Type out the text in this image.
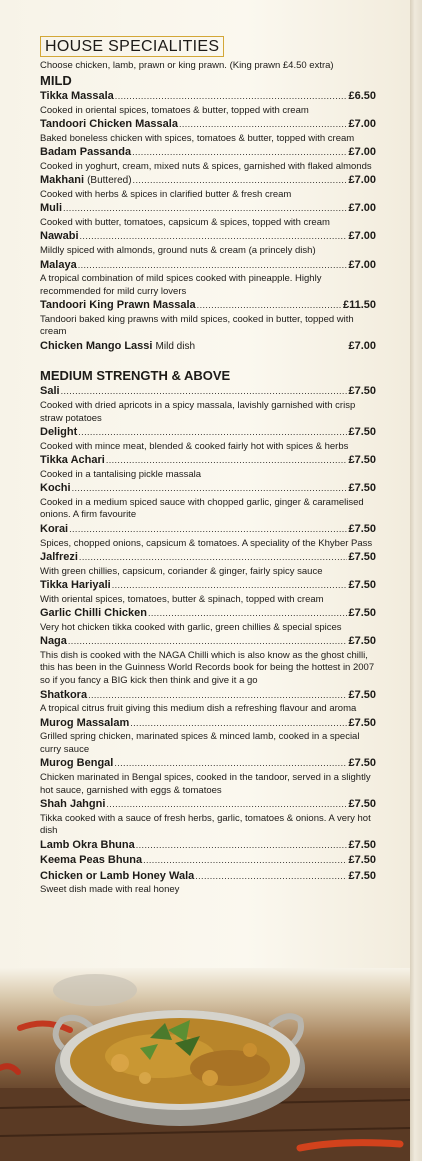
HOUSE SPECIALITIES
Choose chicken, lamb, prawn or king prawn. (King prawn £4.50 extra)
MILD
Tikka Massala .....	£6.50
Cooked in oriental spices, tomatoes & butter, topped with cream
Tandoori Chicken Massala .....	£7.00
Baked boneless chicken with spices, tomatoes & butter, topped with cream
Badam Passanda .....	£7.00
Cooked in yoghurt, cream, mixed nuts & spices, garnished with flaked almonds
Makhani (Buttered) .....	£7.00
Cooked with herbs & spices in clarified butter & fresh cream
Muli .....	£7.00
Cooked with butter, tomatoes, capsicum & spices, topped with cream
Nawabi .....	£7.00
Mildly spiced with almonds, ground nuts & cream (a princely dish)
Malaya .....	£7.00
A tropical combination of mild spices cooked with pineapple. Highly recommended for mild curry lovers
Tandoori King Prawn Massala .....	£11.50
Tandoori baked king prawns with mild spices, cooked in butter, topped with cream
Chicken Mango Lassi Mild dish	£7.00
MEDIUM STRENGTH & ABOVE
Sali .....	£7.50
Cooked with dried apricots in a spicy massala, lavishly garnished with crisp straw potatoes
Delight .....	£7.50
Cooked with mince meat, blended & cooked fairly hot with spices & herbs
Tikka Achari .....	£7.50
Cooked in a tantalising pickle massala
Kochi .....	£7.50
Cooked in a medium spiced sauce with chopped garlic, ginger & caramelised onions. A firm favourite
Korai .....	£7.50
Spices, chopped onions, capsicum & tomatoes. A speciality of the Khyber Pass
Jalfrezi .....	£7.50
With green chillies, capsicum, coriander & ginger, fairly spicy sauce
Tikka Hariyali .....	£7.50
With oriental spices, tomatoes, butter & spinach, topped with cream
Garlic Chilli Chicken .....	£7.50
Very hot chicken tikka cooked with garlic, green chillies & special spices
Naga .....	£7.50
This dish is cooked with the NAGA Chilli which is also know as the ghost chilli, this has been in the Guinness World Records book for being the hottest in 2007 so if you fancy a BIG kick then think and give it a go
Shatkora .....	£7.50
A tropical citrus fruit giving this medium dish a refreshing flavour and aroma
Murog Massalam .....	£7.50
Grilled spring chicken, marinated spices & minced lamb, cooked in a special curry sauce
Murog Bengal .....	£7.50
Chicken marinated in Bengal spices, cooked in the tandoor, served in a slightly hot sauce, garnished with eggs & tomatoes
Shah Jahgni .....	£7.50
Tikka cooked with a sauce of fresh herbs, garlic, tomatoes & onions. A very hot dish
Lamb Okra Bhuna .....	£7.50
Keema Peas Bhuna .....	£7.50
Chicken or Lamb Honey Wala .....	£7.50
Sweet dish made with real honey
